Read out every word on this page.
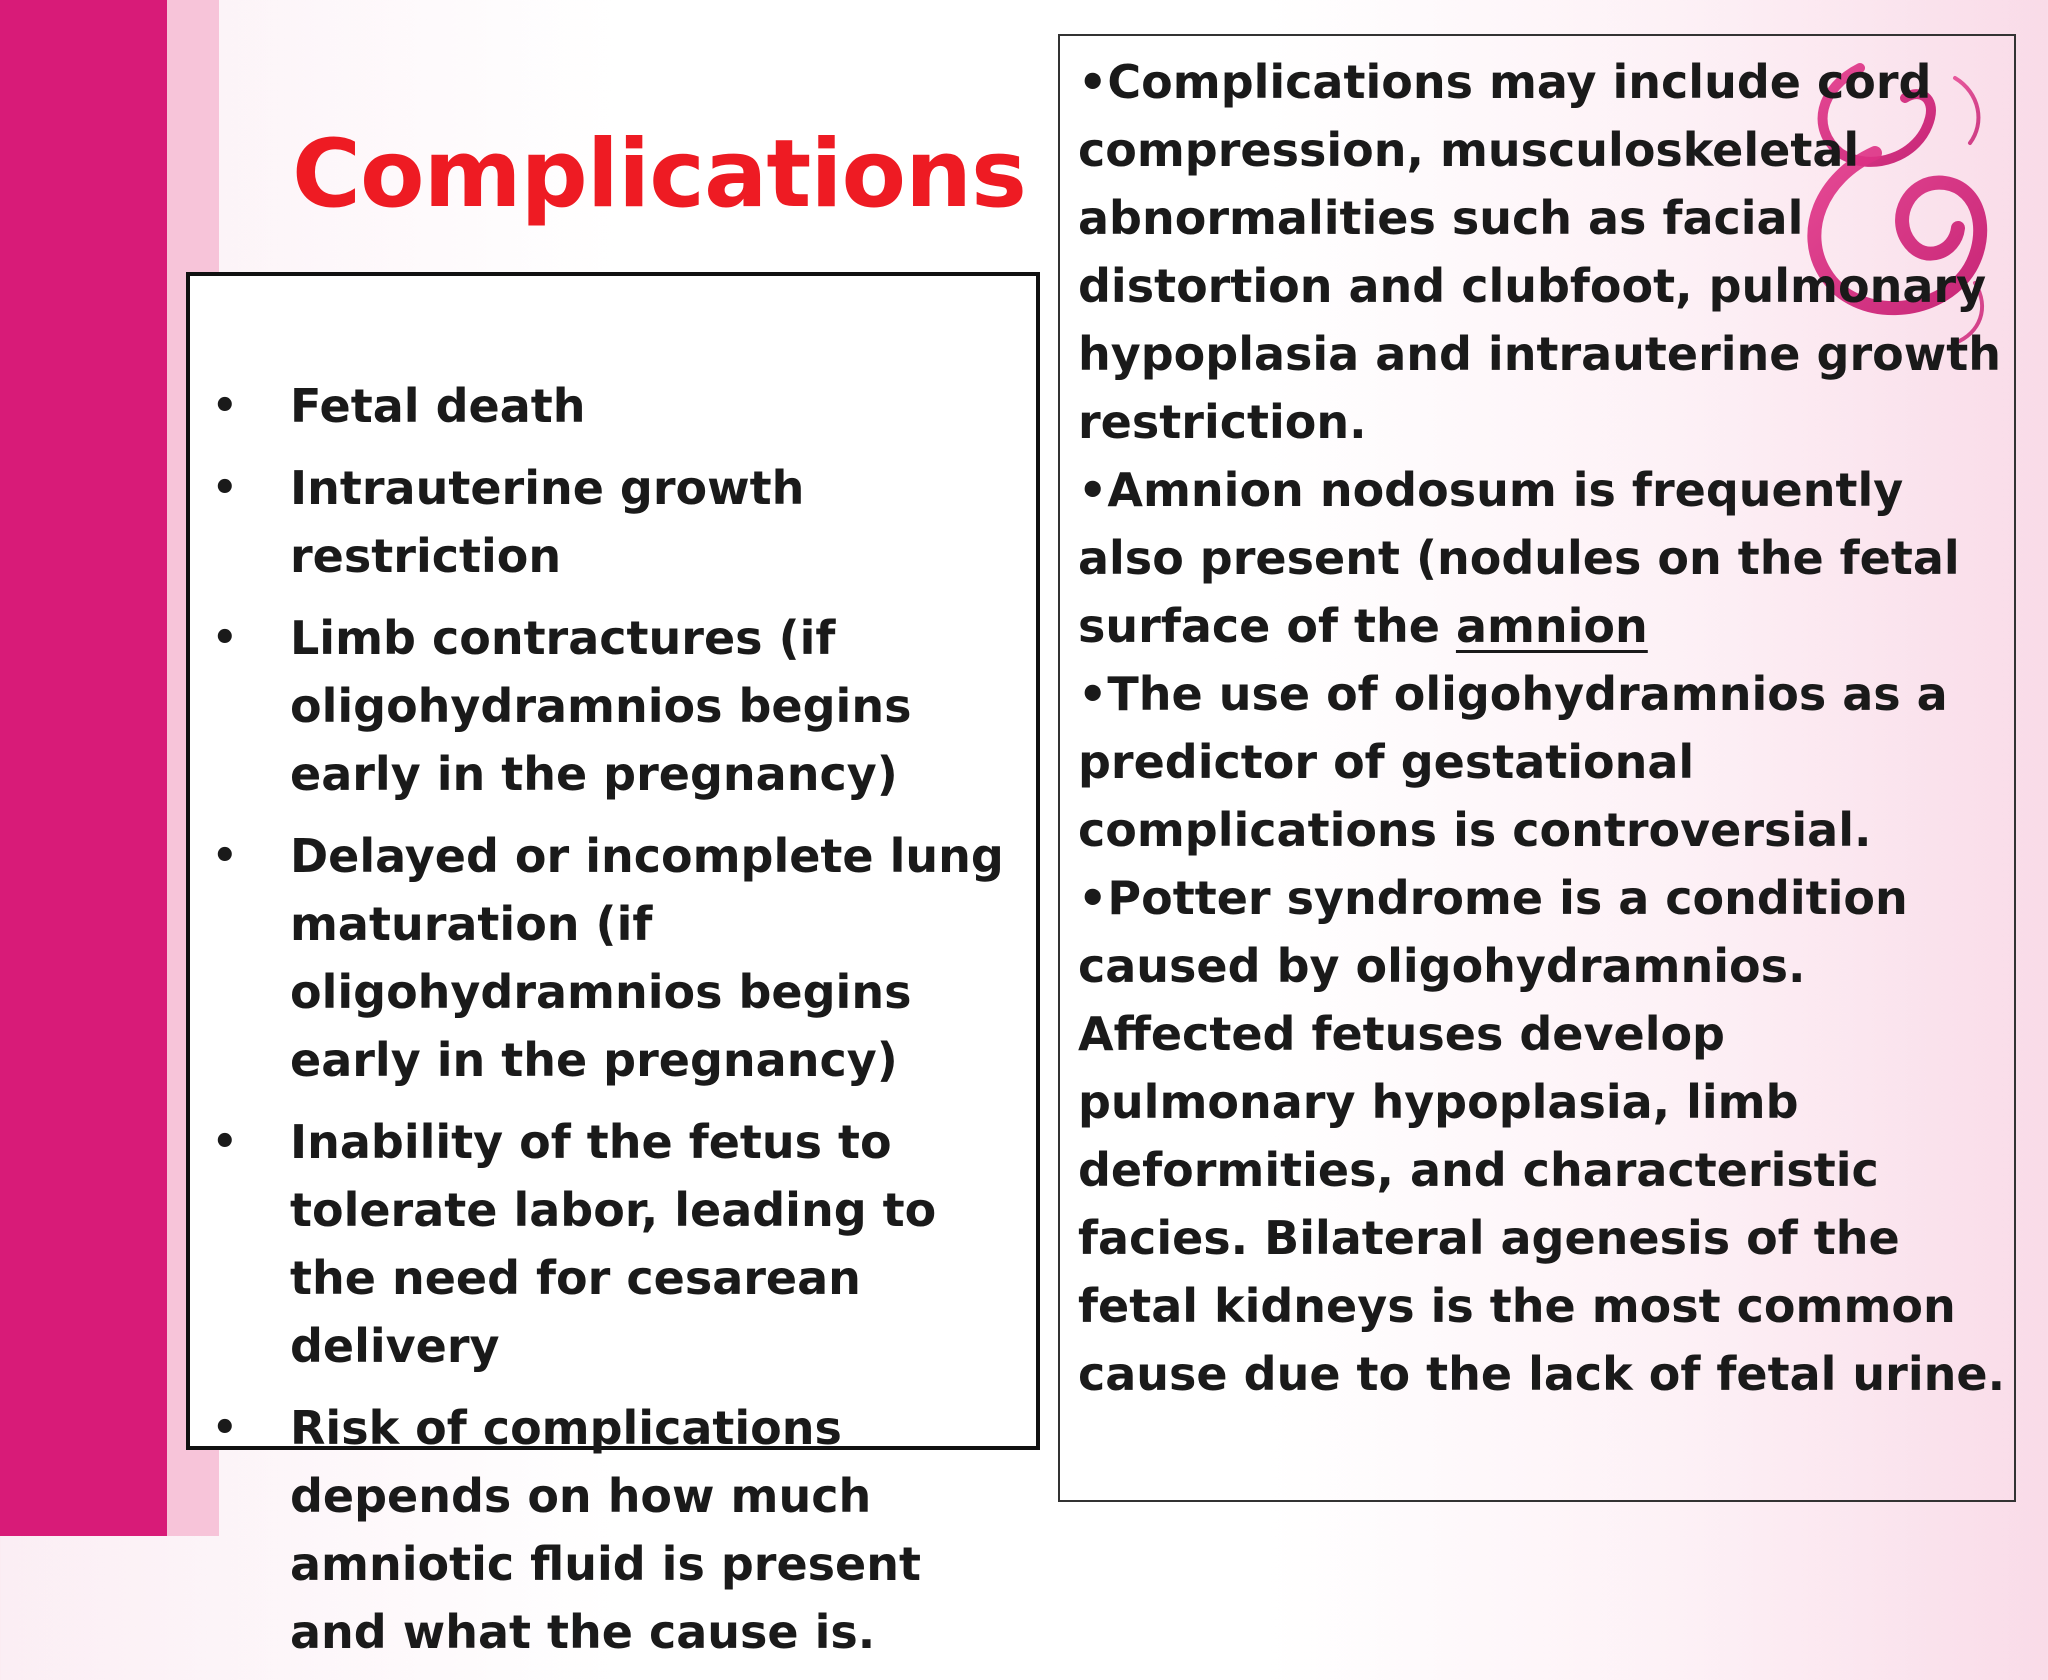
Complications
• Fetal death
• Intrauterine growth restriction
• Limb contractures (if oligohydramnios begins early in the pregnancy)
• Delayed or incomplete lung maturation (if oligohydramnios begins early in the pregnancy)
• Inability of the fetus to tolerate labor, leading to the need for cesarean delivery
• Risk of complications depends on how much amniotic fluid is present and what the cause is.

•Complications may include cord compression, musculoskeletal abnormalities such as facial distortion and clubfoot, pulmonary hypoplasia and intrauterine growth restriction.

•Amnion nodosum is frequently also present (nodules on the fetal surface of the amnion

•The use of oligohydramnios as a predictor of gestational complications is controversial.

•Potter syndrome is a condition caused by oligohydramnios. Affected fetuses develop pulmonary hypoplasia, limb deformities, and characteristic facies. Bilateral agenesis of the fetal kidneys is the most common cause due to the lack of fetal urine.
